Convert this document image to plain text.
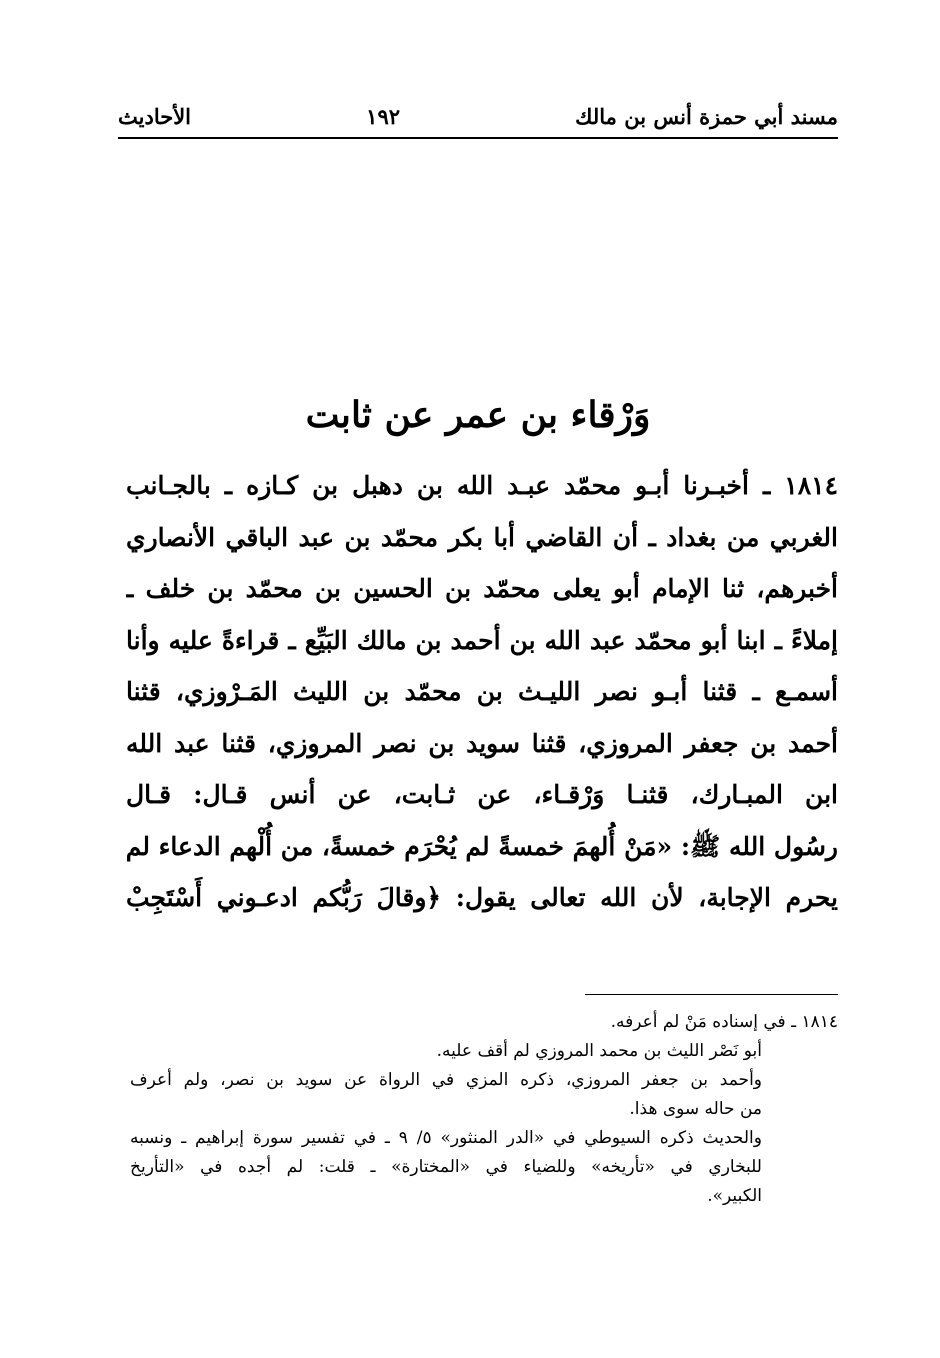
مسند أبي حمزة أنس بن مالك
١٩٢
الأحاديث
وَرْقاء بن عمر عن ثابت
١٨١٤ ـ أخبـرنا أبـو محمّد عبـد الله بن دهبل بن كـازه ـ بالجـانب
الغربي من بغداد ـ أن القاضي أبا بكر محمّد بن عبد الباقي الأنصاري
أخبرهم، ثنا الإمام أبو يعلى محمّد بن الحسين بن محمّد بن خلف ـ
إملاءً ـ ابنا أبو محمّد عبد الله بن أحمد بن مالك البَيِّع ـ قراءةً عليه وأنا
أسمـع ـ قثنا أبـو نصر الليـث بن محمّد بن الليث المَـرْوزي، قثنا
أحمد بن جعفر المروزي، قثنا سويد بن نصر المروزي، قثنا عبد الله
ابن المبـارك، قثنـا وَرْقـاء، عن ثـابت، عن أنس قـال: قـال
رسُول الله ﷺ: «مَنْ أُلهمَ خمسةً لم يُحْرَم خمسةً، من أُلْهم الدعاء لم
يحرم الإجابة، لأن الله تعالى يقول: ﴿وقالَ رَبُّكم ادعـوني أَسْتَجِبْ
١٨١٤ ـ في إسناده مَنْ لم أعرفه.
أبو نَصْر الليث بن محمد المروزي لم أقف عليه.
وأحمد بن جعفر المروزي، ذكره المزي في الرواة عن سويد بن نصر، ولم أعرف
من حاله سوى هذا.
والحديث ذكره السيوطي في «الدر المنثور» ٥/ ٩ ـ في تفسير سورة إبراهيم ـ ونسبه
للبخاري في «تأريخه» وللضياء في «المختارة» ـ قلت: لم أجده في «التأريخ
الكبير».
